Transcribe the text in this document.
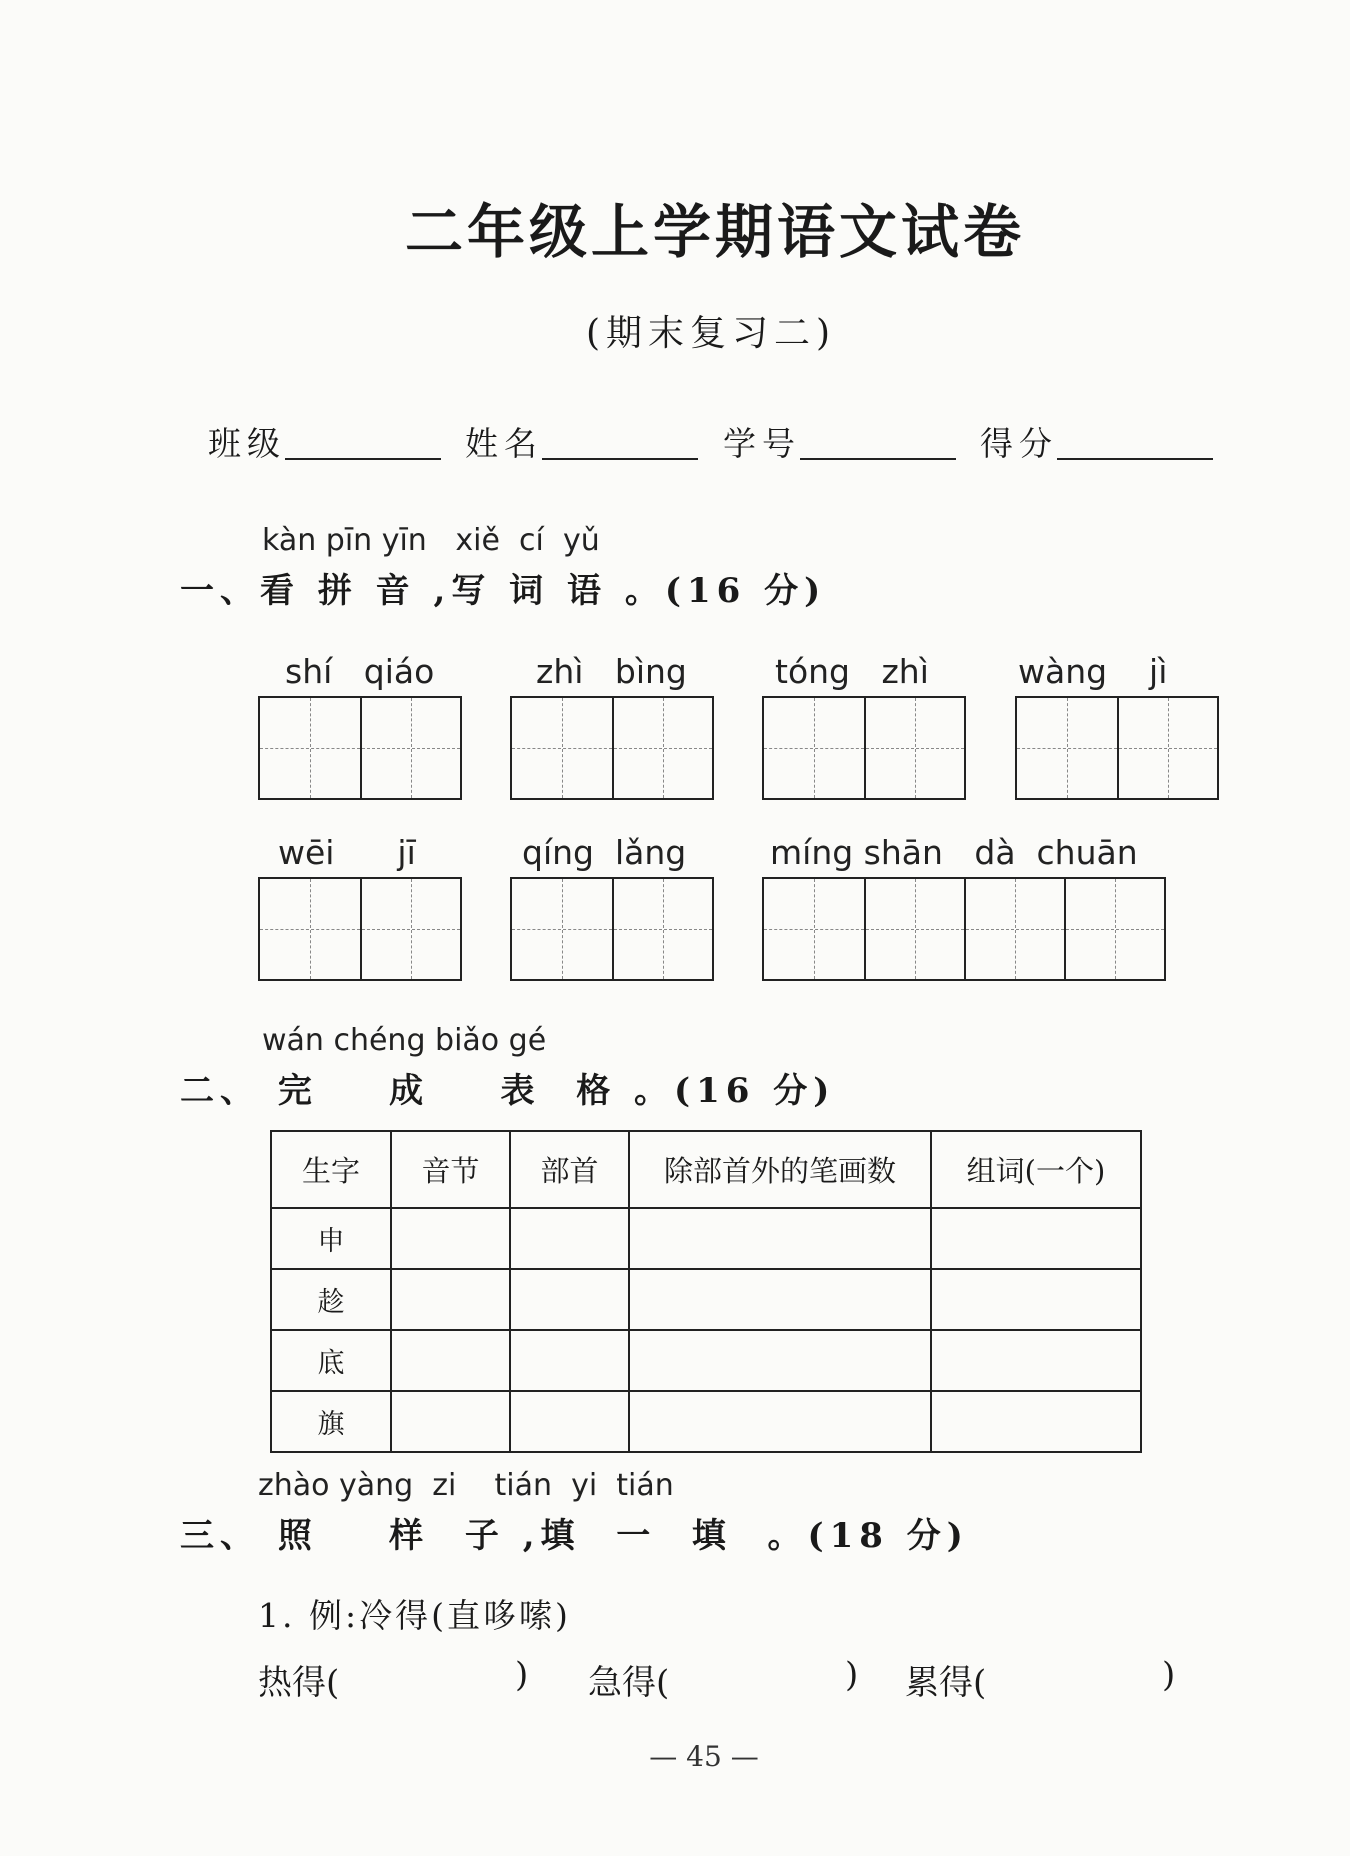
二年级上学期语文试卷
(期末复习二)
班级	姓名	学号	得分
kàn pīn yīn   xiě  cí  yǔ
一、看 拼 音 ,写 词 语 。(16 分)
shí   qiáo	zhì   bìng	tóng   zhì	wàng    jì
wēi      jī	qíng  lǎng	míng shān   dà  chuān
wán chéng biǎo gé
二、 完    成    表  格 。(16 分)
生字	音节	部首	除部首外的笔画数	组词(一个)
申				
趁				
底				
旗				
zhào yàng  zi    tián  yi  tián
三、 照    样  子 ,填  一  填  。(18 分)
1. 例:冷得(直哆嗦)
热得(	) 急得(	) 累得(	)
— 45 —
